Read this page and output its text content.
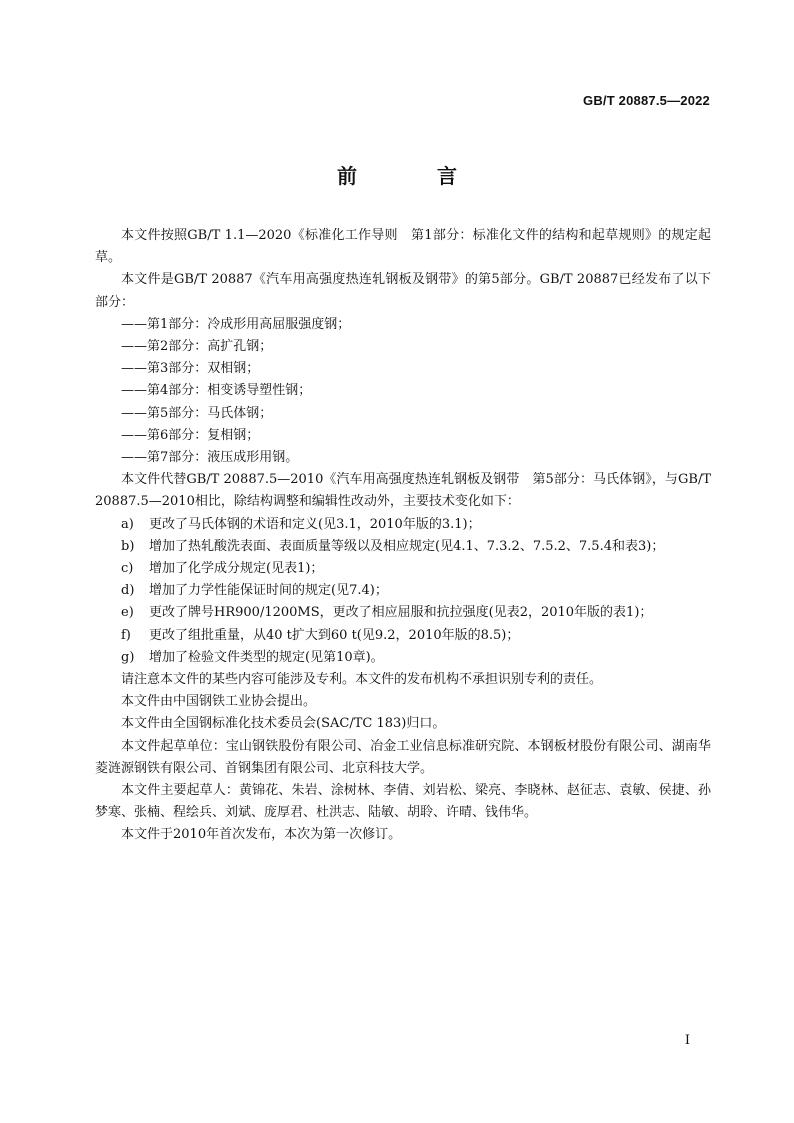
GB/T 20887.5—2022
前　言

本文件按照GB/T 1.1—2020《标准化工作导则　第1部分：标准化文件的结构和起草规则》的规定起草。

本文件是GB/T 20887《汽车用高强度热连轧钢板及钢带》的第5部分。GB/T 20887已经发布了以下部分：

——第1部分：冷成形用高屈服强度钢；

——第2部分：高扩孔钢；

——第3部分：双相钢；

——第4部分：相变诱导塑性钢；

——第5部分：马氏体钢；

——第6部分：复相钢；

——第7部分：液压成形用钢。

本文件代替GB/T 20887.5—2010《汽车用高强度热连轧钢板及钢带　第5部分：马氏体钢》，与GB/T 20887.5—2010相比，除结构调整和编辑性改动外，主要技术变化如下：

a)	更改了马氏体钢的术语和定义(见3.1，2010年版的3.1)；
b)	增加了热轧酸洗表面、表面质量等级以及相应规定(见4.1、7.3.2、7.5.2、7.5.4和表3)；
c)	增加了化学成分规定(见表1)；
d)	增加了力学性能保证时间的规定(见7.4)；
e)	更改了牌号HR900/1200MS，更改了相应屈服和抗拉强度(见表2，2010年版的表1)；
f)	更改了组批重量，从40 t扩大到60 t(见9.2，2010年版的8.5)；
g)	增加了检验文件类型的规定(见第10章)。

请注意本文件的某些内容可能涉及专利。本文件的发布机构不承担识别专利的责任。

本文件由中国钢铁工业协会提出。

本文件由全国钢标准化技术委员会(SAC/TC 183)归口。

本文件起草单位：宝山钢铁股份有限公司、冶金工业信息标准研究院、本钢板材股份有限公司、湖南华菱涟源钢铁有限公司、首钢集团有限公司、北京科技大学。

本文件主要起草人：黄锦花、朱岩、涂树林、李倩、刘岩松、梁亮、李晓林、赵征志、袁敏、侯捷、孙梦寒、张楠、程绘兵、刘斌、庞厚君、杜洪志、陆敏、胡聆、许晴、钱伟华。

本文件于2010年首次发布，本次为第一次修订。

I
